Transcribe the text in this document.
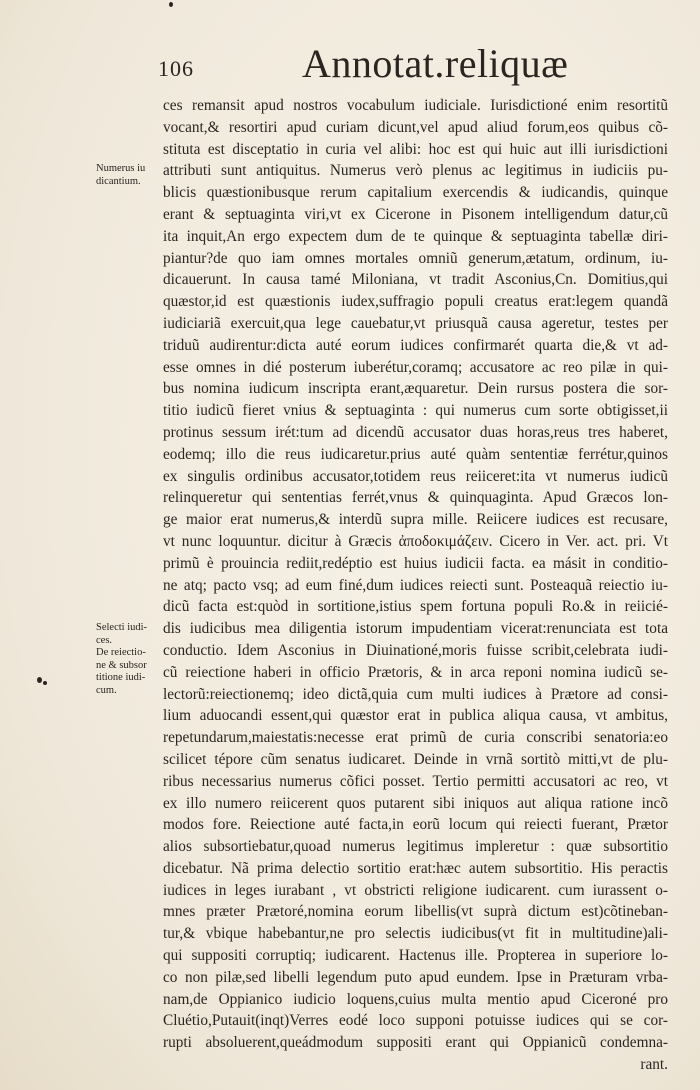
106	Annotat.reliquæ
Numerus iu
dicantium.
Selecti iudi-
ces.
De reiectio-
ne & subsor
titione iudi-
cum.
ces remansit apud nostros vocabulum iudiciale. Iurisdictioné enim resortitũ
vocant,& resortiri apud curiam dicunt,vel apud aliud forum,eos quibus cõ-
stituta est disceptatio in curia vel alibi: hoc est qui huic aut illi iurisdictioni
attributi sunt antiquitus. Numerus verò plenus ac legitimus in iudiciis pu-
blicis quæstionibusque rerum capitalium exercendis & iudicandis, quinque
erant & septuaginta viri,vt ex Cicerone in Pisonem intelligendum datur,cũ
ita inquit,An ergo expectem dum de te quinque & septuaginta tabellæ diri-
piantur?de quo iam omnes mortales omniũ generum,ætatum, ordinum, iu-
dicauerunt. In causa tamé Miloniana, vt tradit Asconius,Cn. Domitius,qui
quæstor,id est quæstionis iudex,suffragio populi creatus erat:legem quandã
iudiciariã exercuit,qua lege cauebatur,vt priusquã causa ageretur, testes per
triduũ audirentur:dicta auté eorum iudices confirmarét quarta die,& vt ad-
esse omnes in dié posterum iuberétur,coramq; accusatore ac reo pilæ in qui-
bus nomina iudicum inscripta erant,æquaretur. Dein rursus postera die sor-
titio iudicũ fieret vnius & septuaginta : qui numerus cum sorte obtigisset,ii
protinus sessum irét:tum ad dicendũ accusator duas horas,reus tres haberet,
eodemq; illo die reus iudicaretur.prius auté quàm sententiæ ferrétur,quinos
ex singulis ordinibus accusator,totidem reus reiiceret:ita vt numerus iudicũ
relinqueretur qui sententias ferrét,vnus & quinquaginta. Apud Græcos lon-
ge maior erat numerus,& interdũ supra mille. Reiicere iudices est recusare,
vt nunc loquuntur. dicitur à Græcis ἀποδοκιμάζειν. Cicero in Ver. act. pri. Vt
primũ è prouincia rediit,redéptio est huius iudicii facta. ea másit in conditio-
ne atq; pacto vsq; ad eum finé,dum iudices reiecti sunt. Posteaquã reiectio iu-
dicũ facta est:quòd in sortitione,istius spem fortuna populi Ro.& in reiicié-
dis iudicibus mea diligentia istorum impudentiam vicerat:renunciata est tota
conductio. Idem Asconius in Diuinationé,moris fuisse scribit,celebrata iudi-
cũ reiectione haberi in officio Prætoris, & in arca reponi nomina iudicũ se-
lectorũ:reiectionemq; ideo dictã,quia cum multi iudices à Prætore ad consi-
lium aduocandi essent,qui quæstor erat in publica aliqua causa, vt ambitus,
repetundarum,maiestatis:necesse erat primũ de curia conscribi senatoria:eo
scilicet tépore cũm senatus iudicaret. Deinde in vrnã sortitò mitti,vt de plu-
ribus necessarius numerus cõfici posset. Tertio permitti accusatori ac reo, vt
ex illo numero reiicerent quos putarent sibi iniquos aut aliqua ratione incõ
modos fore. Reiectione auté facta,in eorũ locum qui reiecti fuerant, Prætor
alios subsortiebatur,quoad numerus legitimus impleretur : quæ subsortitio
dicebatur. Nã prima delectio sortitio erat:hæc autem subsortitio. His peractis
iudices in leges iurabant , vt obstricti religione iudicarent. cum iurassent o-
mnes præter Prætoré,nomina eorum libellis(vt suprà dictum est)cõtineban-
tur,& vbique habebantur,ne pro selectis iudicibus(vt fit in multitudine)ali-
qui suppositi corruptiq; iudicarent. Hactenus ille. Propterea in superiore lo-
co non pilæ,sed libelli legendum puto apud eundem. Ipse in Præturam vrba-
nam,de Oppianico iudicio loquens,cuius multa mentio apud Ciceroné pro
Cluétio,Putauit(inqt)Verres eodé loco supponi potuisse iudices qui se cor-
rupti absoluerent,queádmodum suppositi erant qui Oppianicũ condemna-
rant.
